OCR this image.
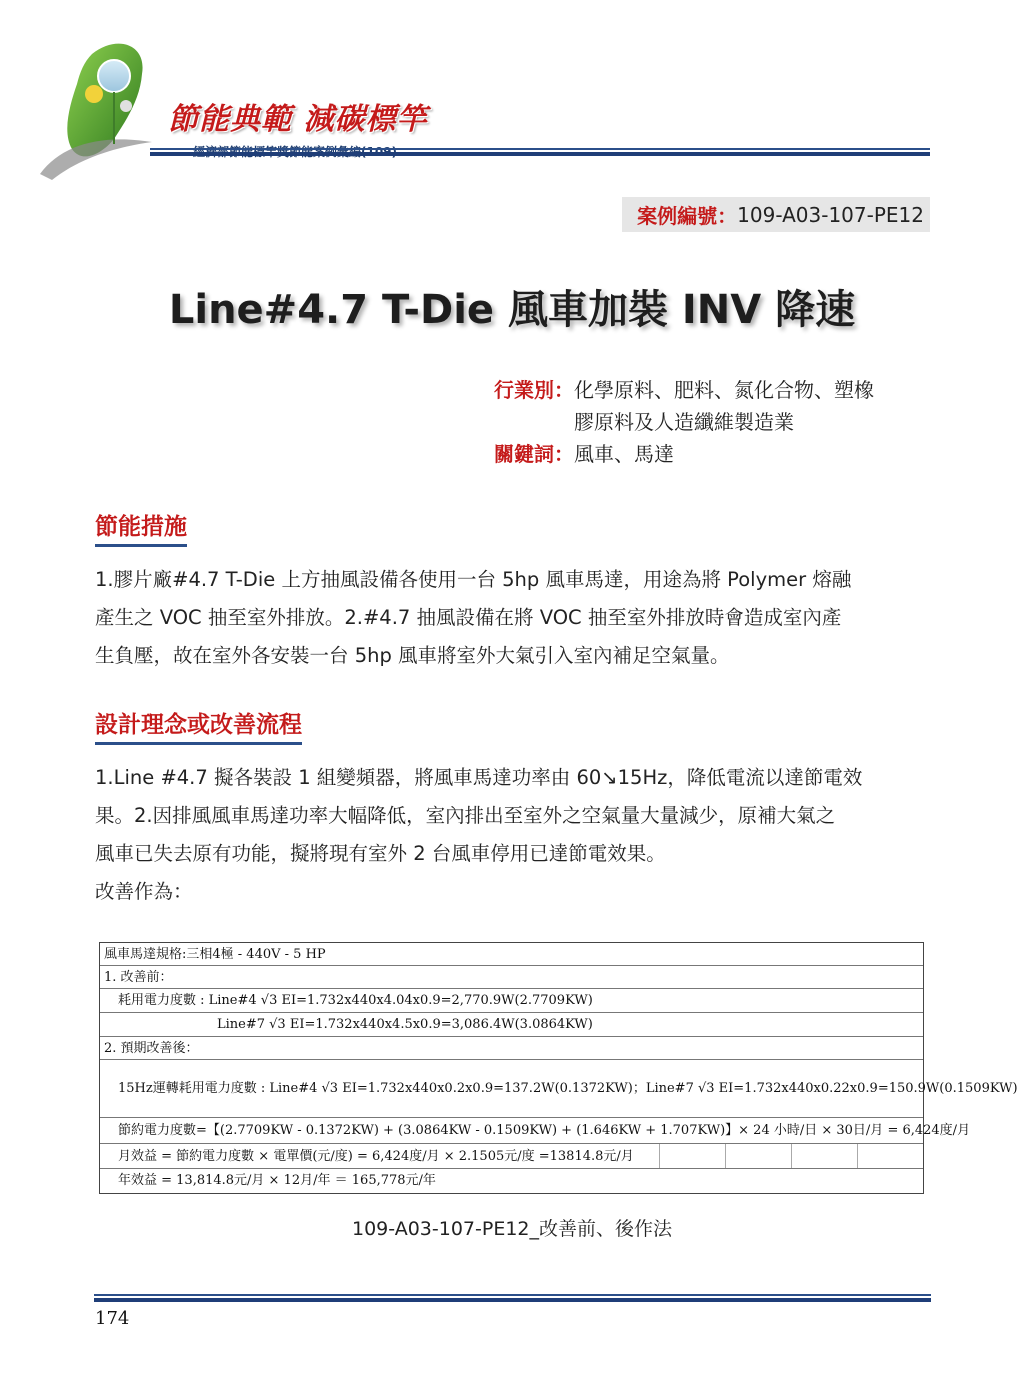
節能典範 減碳標竿
案例編號： 109-A03-107-PE12
Line#4.7 T-Die 風車加裝 INV 降速
行業別： 化學原料、肥料、氮化合物、塑橡
膠原料及人造纖維製造業
關鍵詞： 風車、馬達
節能措施
1.膠片廠#4.7 T-Die 上方抽風設備各使用一台 5hp 風車馬達，用途為將 Polymer 熔融
產生之 VOC 抽至室外排放。2.#4.7 抽風設備在將 VOC 抽至室外排放時會造成室內產
生負壓，故在室外各安裝一台 5hp 風車將室外大氣引入室內補足空氣量。
設計理念或改善流程
1.Line #4.7 擬各裝設 1 組變頻器，將風車馬達功率由 60↘15Hz，降低電流以達節電效
果。2.因排風風車馬達功率大幅降低，室內排出至室外之空氣量大量減少，原補大氣之
風車已失去原有功能，擬將現有室外 2 台風車停用已達節電效果。
改善作為：
風車馬達規格:三相4極 - 440V - 5 HP
1. 改善前：
耗用電力度數 : Line#4 √3 EI=1.732x440x4.04x0.9=2,770.9W(2.7709KW)
Line#7 √3 EI=1.732x440x4.5x0.9=3,086.4W(3.0864KW)
2. 預期改善後：
15Hz運轉耗用電力度數 : Line#4 √3 EI=1.732x440x0.2x0.9=137.2W(0.1372KW)；Line#7 √3 EI=1.732x440x0.22x0.9=150.9W(0.1509KW)
節約電力度數=【(2.7709KW - 0.1372KW) + (3.0864KW - 0.1509KW) + (1.646KW + 1.707KW)】× 24 小時/日 × 30日/月 = 6,424度/月
月效益 = 節約電力度數 × 電單價(元/度) = 6,424度/月 × 2.1505元/度 =13814.8元/月
年效益 = 13,814.8元/月 × 12月/年 ＝ 165,778元/年
109-A03-107-PE12_改善前、後作法
174
